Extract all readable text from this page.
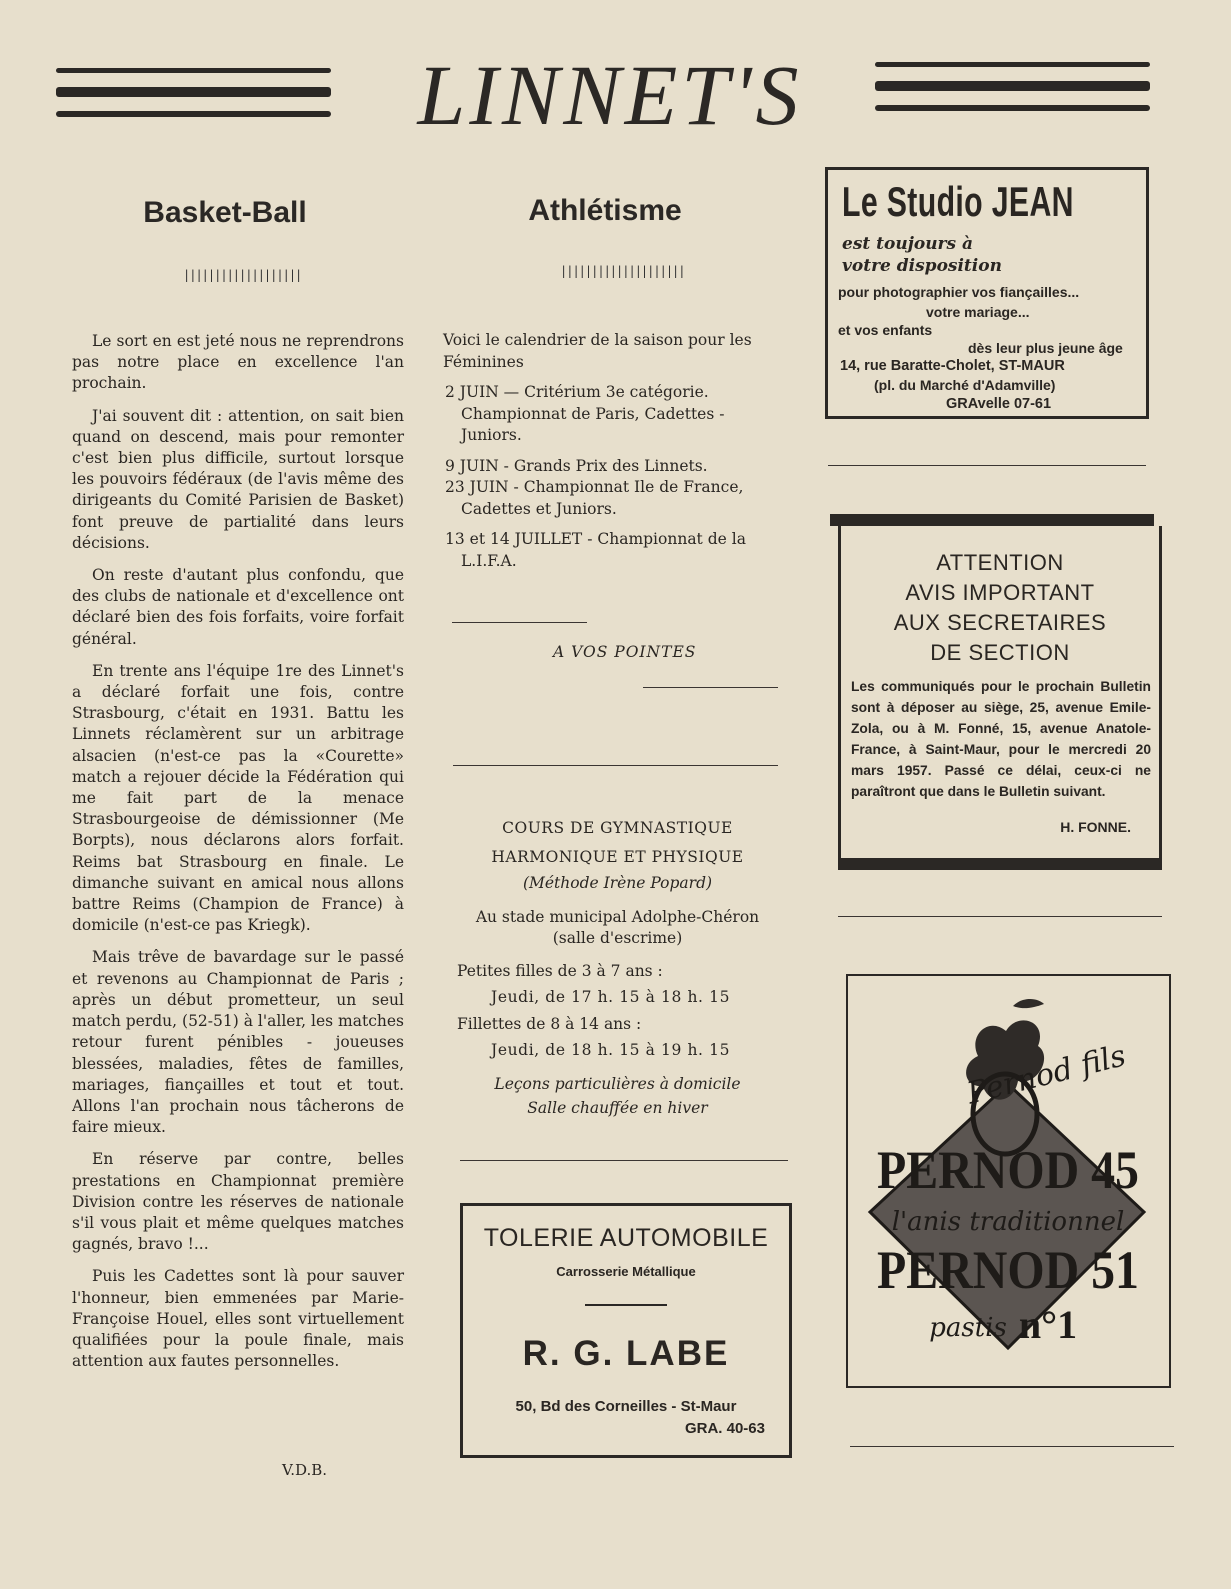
LINNET'S
Basket-Ball
|||||||||||||||||||

Le sort en est jeté nous ne reprendrons pas notre place en excellence l'an prochain.

J'ai souvent dit : attention, on sait bien quand on descend, mais pour remonter c'est bien plus difficile, surtout lorsque les pouvoirs fédéraux (de l'avis même des dirigeants du Comité Parisien de Basket) font preuve de partialité dans leurs décisions.

On reste d'autant plus confondu, que des clubs de nationale et d'excellence ont déclaré bien des fois forfaits, voire forfait général.

En trente ans l'équipe 1re des Linnet's a déclaré forfait une fois, contre Strasbourg, c'était en 1931. Battu les Linnets réclamèrent sur un arbitrage alsacien (n'est-ce pas la «Courette» match a rejouer décide la Fédération qui me fait part de la menace Strasbourgeoise de démissionner (Me Borpts), nous déclarons alors forfait. Reims bat Strasbourg en finale. Le dimanche suivant en amical nous allons battre Reims (Champion de France) à domicile (n'est-ce pas Kriegk).

Mais trêve de bavardage sur le passé et revenons au Championnat de Paris ; après un début prometteur, un seul match perdu, (52-51) à l'aller, les matches retour furent pénibles - joueuses blessées, maladies, fêtes de familles, mariages, fiançailles et tout et tout. Allons l'an prochain nous tâcherons de faire mieux.

En réserve par contre, belles prestations en Championnat première Division contre les réserves de nationale s'il vous plait et même quelques matches gagnés, bravo !...

Puis les Cadettes sont là pour sauver l'honneur, bien emmenées par Marie-Françoise Houel, elles sont virtuellement qualifiées pour la poule finale, mais attention aux fautes personnelles.

V.D.B.
Athlétisme
||||||||||||||||||||

Voici le calendrier de la saison pour les Féminines

2 JUIN — Critérium 3e catégorie. Championnat de Paris, Cadettes - Juniors.

9 JUIN - Grands Prix des Linnets.

23 JUIN - Championnat Ile de France, Cadettes et Juniors.

13 et 14 JUILLET - Championnat de la L.I.F.A.

A VOS POINTES
COURS DE GYMNASTIQUE
HARMONIQUE ET PHYSIQUE
(Méthode Irène Popard)
Au stade municipal Adolphe-Chéron
(salle d'escrime)
Petites filles de 3 à 7 ans :
Jeudi, de 17 h. 15 à 18 h. 15
Fillettes de 8 à 14 ans :
Jeudi, de 18 h. 15 à 19 h. 15
Leçons particulières à domicile
Salle chauffée en hiver
TOLERIE AUTOMOBILE
Carrosserie Métallique
R. G. LABE
50, Bd des Corneilles - St-Maur
GRA. 40-63
Le Studio JEAN
est toujours à
votre disposition
pour photographier vos fiançailles...
votre mariage...
et vos enfants
dès leur plus jeune âge
14, rue Baratte-Cholet, ST-MAUR
(pl. du Marché d'Adamville)
GRAvelle 07-61
ATTENTION
AVIS IMPORTANT
AUX SECRETAIRES
DE SECTION
Les communiqués pour le prochain Bulletin sont à déposer au siège, 25, avenue Emile-Zola, ou à M. Fonné, 15, avenue Anatole-France, à Saint-Maur, pour le mercredi 20 mars 1957. Passé ce délai, ceux-ci ne paraîtront que dans le Bulletin suivant.
H. FONNE.
Pernod fils
PERNOD 45
l'anis traditionnel
PERNOD 51
pastis n°1
